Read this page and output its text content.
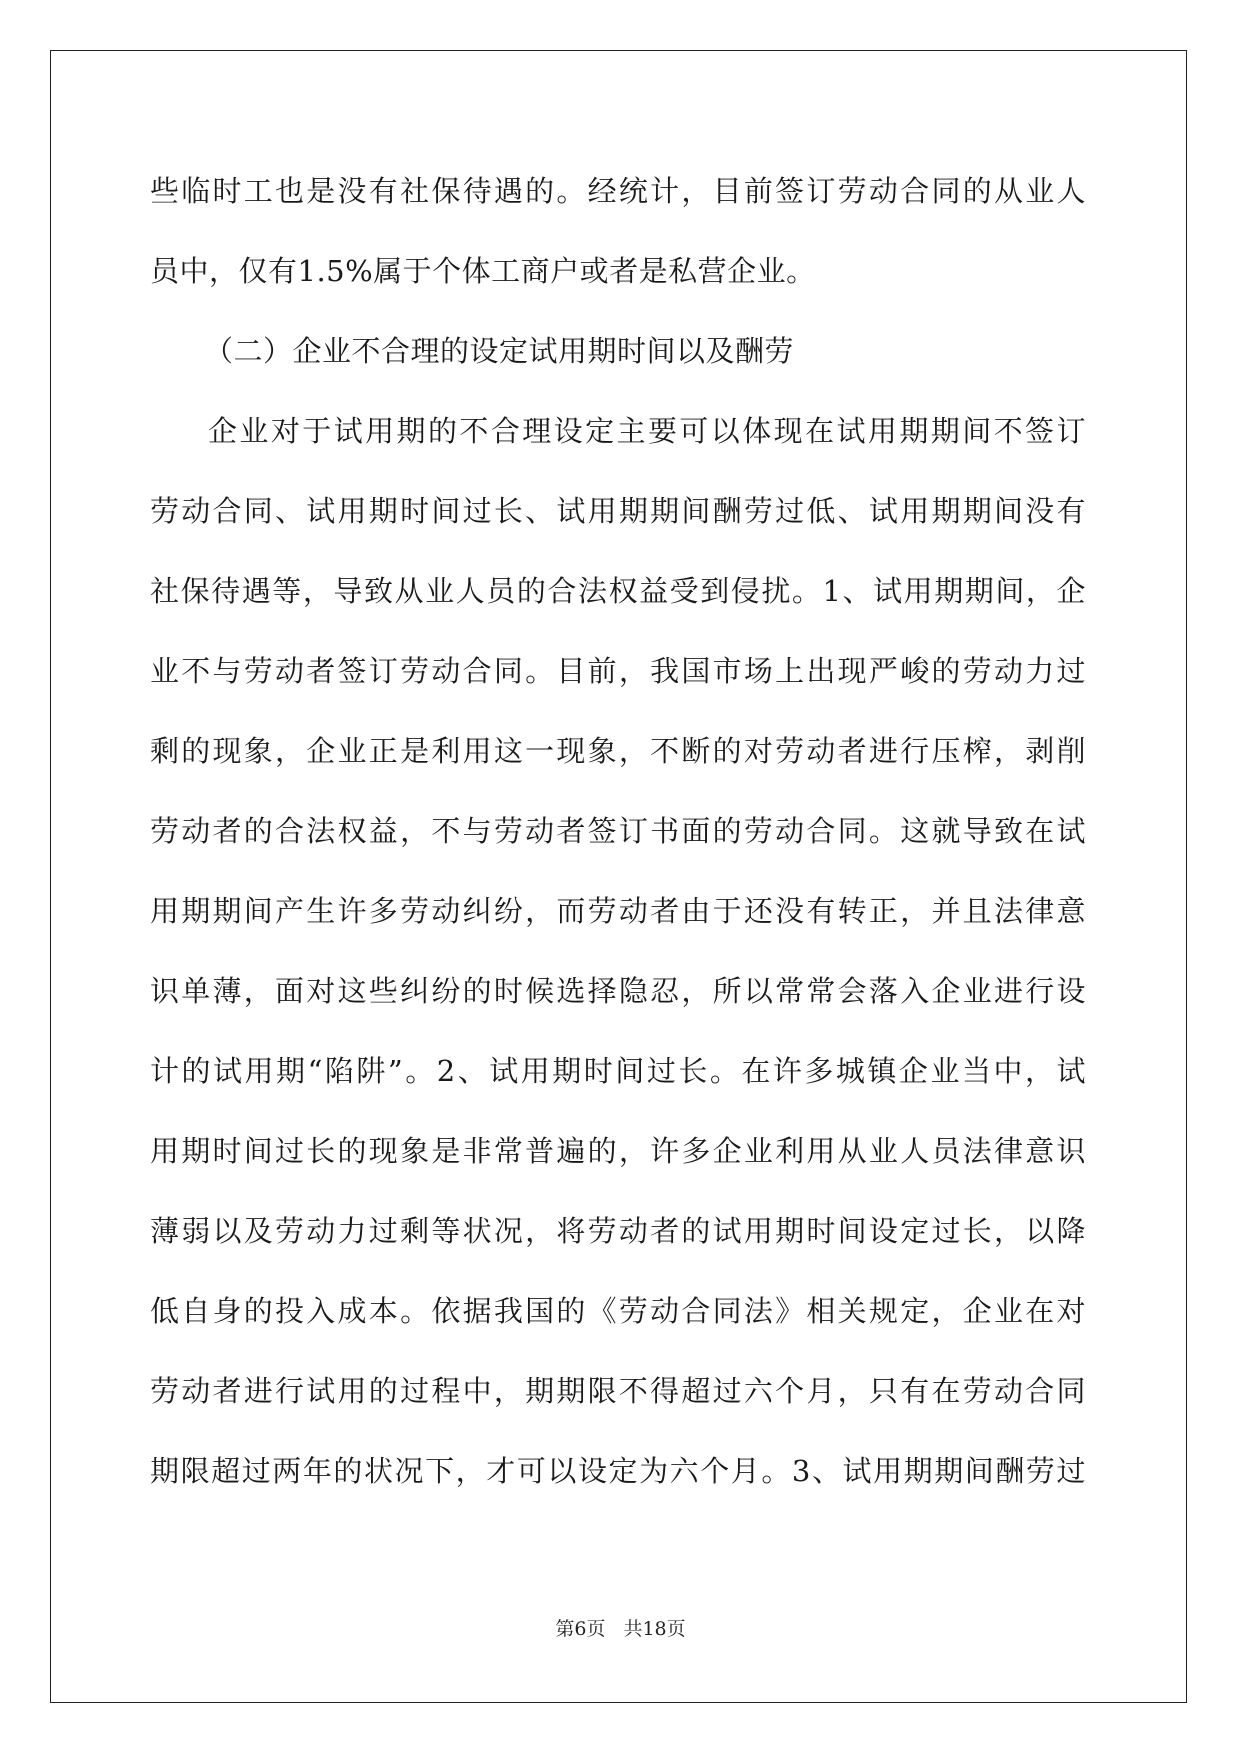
些临时工也是没有社保待遇的。经统计，目前签订劳动合同的从业人
员中，仅有1.5%属于个体工商户或者是私营企业。
（二）企业不合理的设定试用期时间以及酬劳
企业对于试用期的不合理设定主要可以体现在试用期期间不签订
劳动合同、试用期时间过长、试用期期间酬劳过低、试用期期间没有
社保待遇等，导致从业人员的合法权益受到侵扰。1、试用期期间，企
业不与劳动者签订劳动合同。目前，我国市场上出现严峻的劳动力过
剩的现象，企业正是利用这一现象，不断的对劳动者进行压榨，剥削
劳动者的合法权益，不与劳动者签订书面的劳动合同。这就导致在试
用期期间产生许多劳动纠纷，而劳动者由于还没有转正，并且法律意
识单薄，面对这些纠纷的时候选择隐忍，所以常常会落入企业进行设
计的试用期“陷阱”。2、试用期时间过长。在许多城镇企业当中，试
用期时间过长的现象是非常普遍的，许多企业利用从业人员法律意识
薄弱以及劳动力过剩等状况，将劳动者的试用期时间设定过长，以降
低自身的投入成本。依据我国的《劳动合同法》相关规定，企业在对
劳动者进行试用的过程中，期期限不得超过六个月，只有在劳动合同
期限超过两年的状况下，才可以设定为六个月。3、试用期期间酬劳过
第6页 共18页
